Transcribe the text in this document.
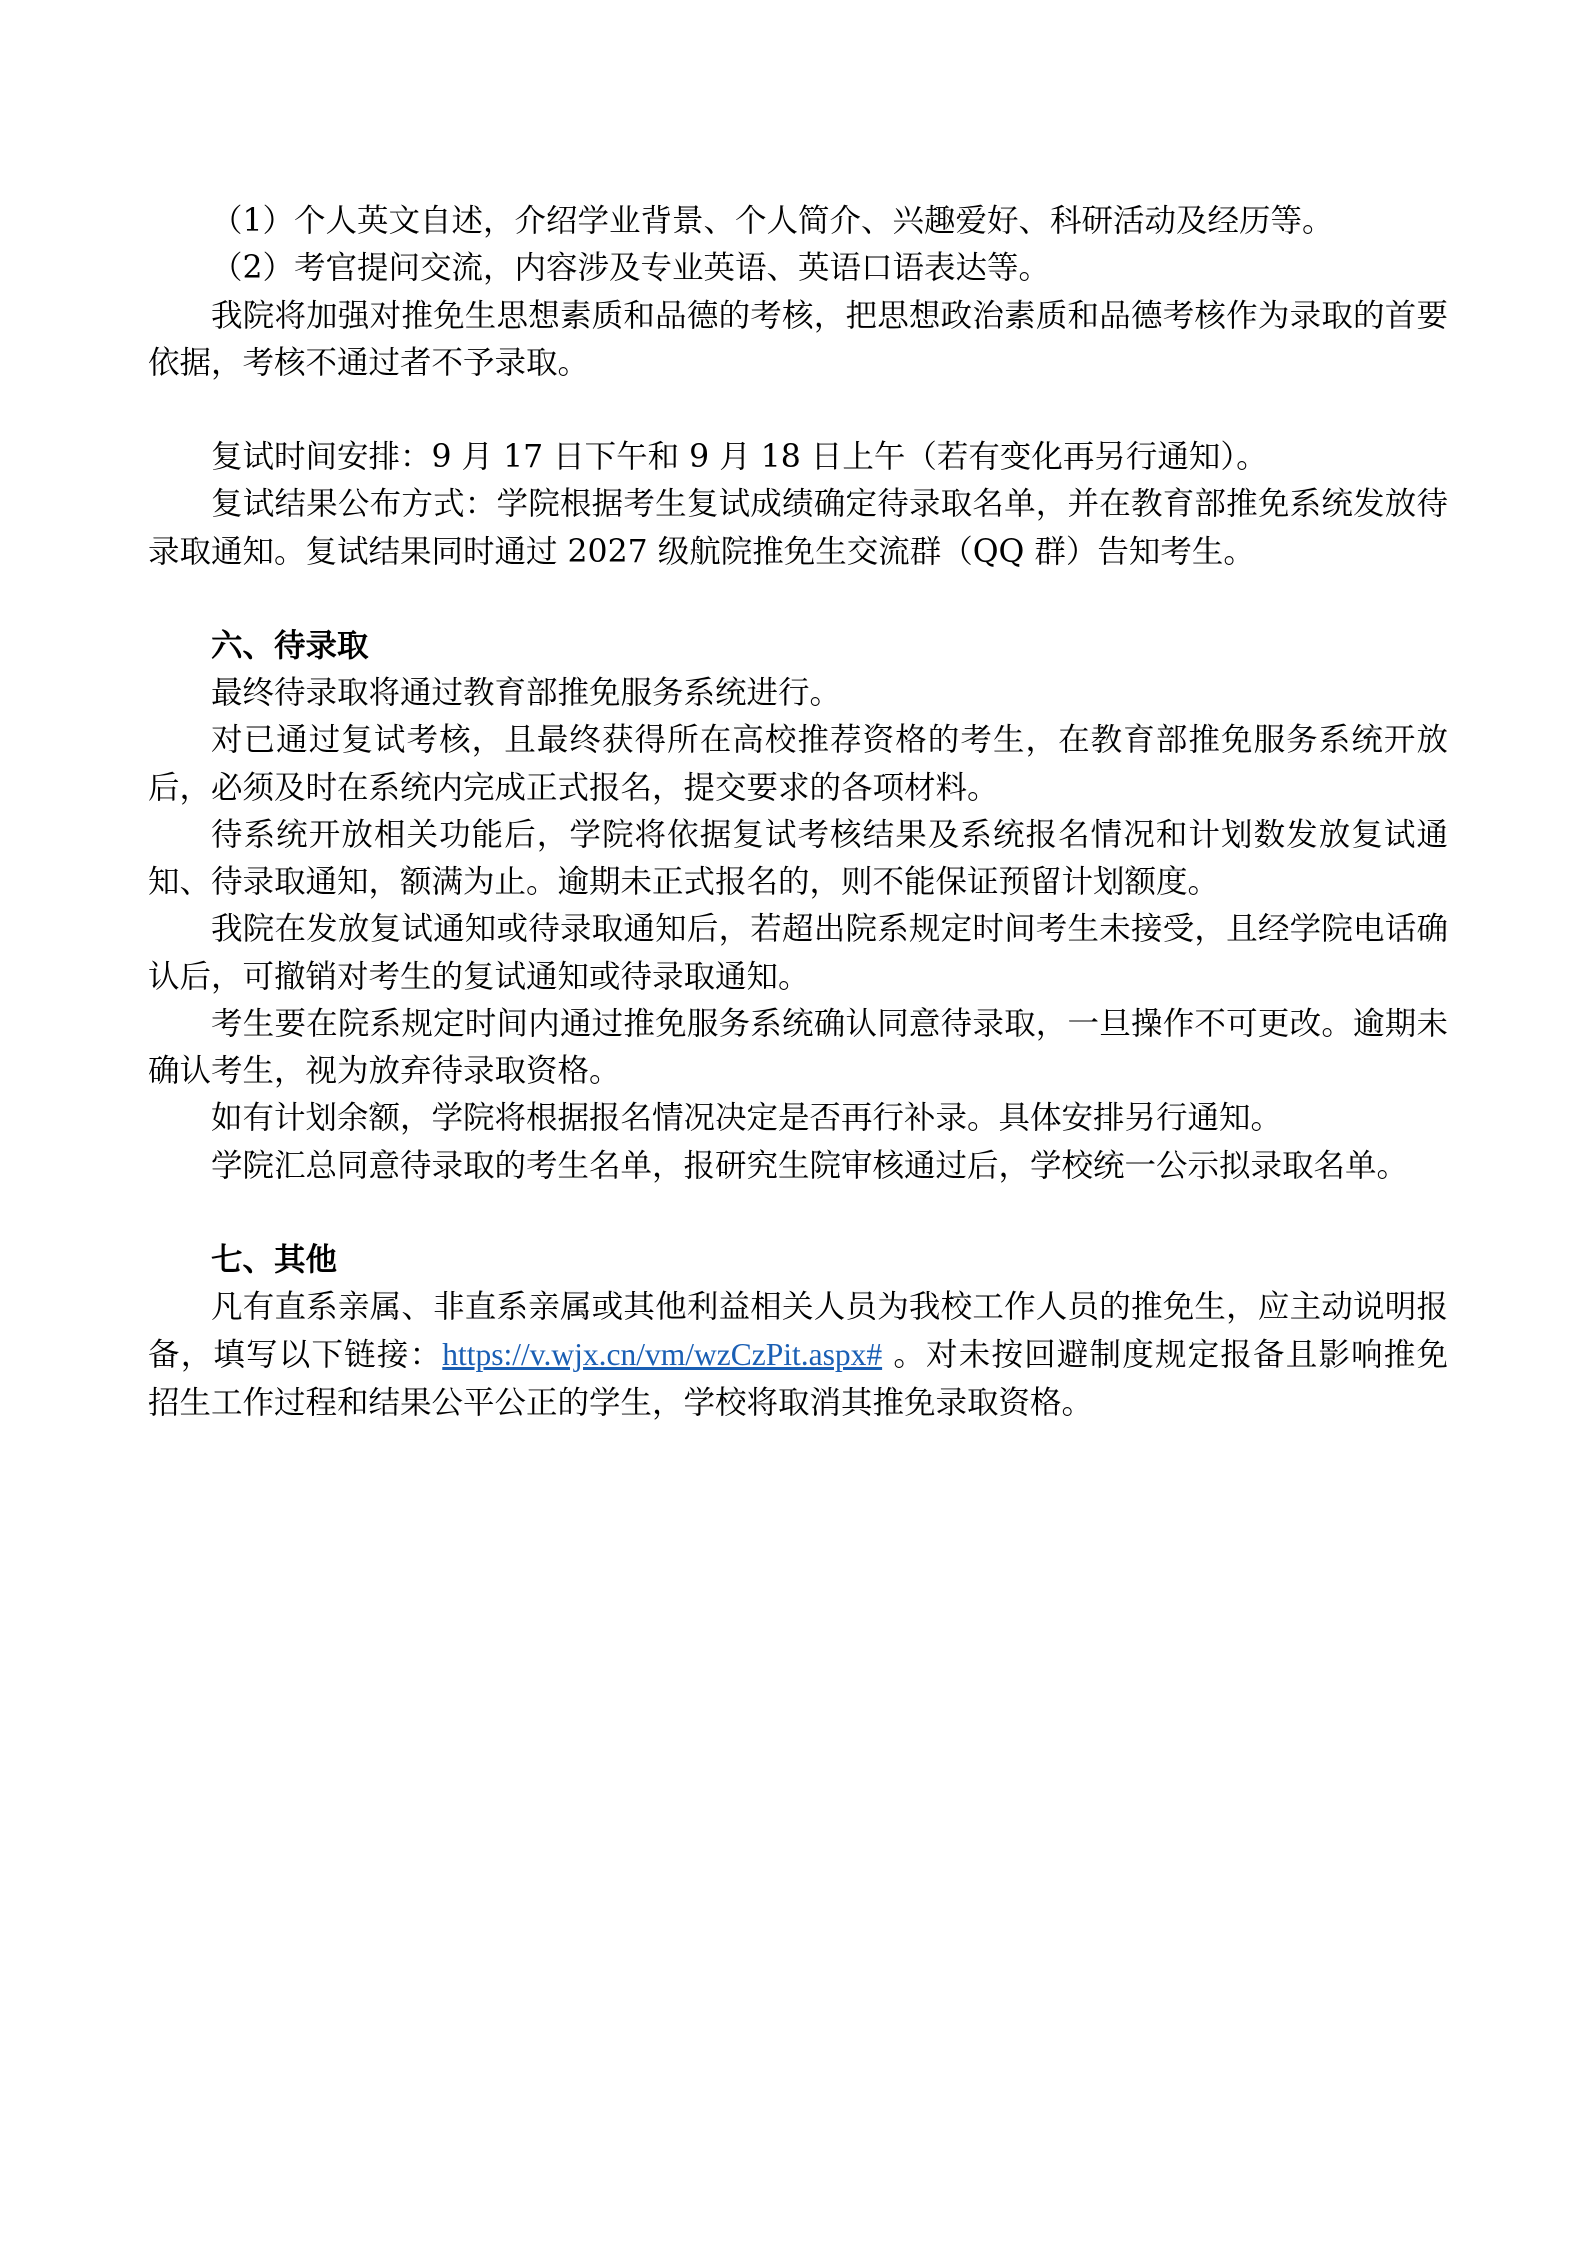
（1）个人英文自述，介绍学业背景、个人简介、兴趣爱好、科研活动及经历等。

（2）考官提问交流，内容涉及专业英语、英语口语表达等。

我院将加强对推免生思想素质和品德的考核，把思想政治素质和品德考核作为录取的首要依据，考核不通过者不予录取。

复试时间安排：9 月 17 日下午和 9 月 18 日上午（若有变化再另行通知）。

复试结果公布方式：学院根据考生复试成绩确定待录取名单，并在教育部推免系统发放待录取通知。复试结果同时通过 2027 级航院推免生交流群（QQ 群）告知考生。

六、待录取

最终待录取将通过教育部推免服务系统进行。

对已通过复试考核，且最终获得所在高校推荐资格的考生，在教育部推免服务系统开放后，必须及时在系统内完成正式报名，提交要求的各项材料。

待系统开放相关功能后，学院将依据复试考核结果及系统报名情况和计划数发放复试通知、待录取通知，额满为止。逾期未正式报名的，则不能保证预留计划额度。

我院在发放复试通知或待录取通知后，若超出院系规定时间考生未接受，且经学院电话确认后，可撤销对考生的复试通知或待录取通知。

考生要在院系规定时间内通过推免服务系统确认同意待录取，一旦操作不可更改。逾期未确认考生，视为放弃待录取资格。

如有计划余额，学院将根据报名情况决定是否再行补录。具体安排另行通知。

学院汇总同意待录取的考生名单，报研究生院审核通过后，学校统一公示拟录取名单。

七、其他

凡有直系亲属、非直系亲属或其他利益相关人员为我校工作人员的推免生，应主动说明报备，填写以下链接：https://v.wjx.cn/vm/wzCzPit.aspx# 。对未按回避制度规定报备且影响推免招生工作过程和结果公平公正的学生，学校将取消其推免录取资格。
